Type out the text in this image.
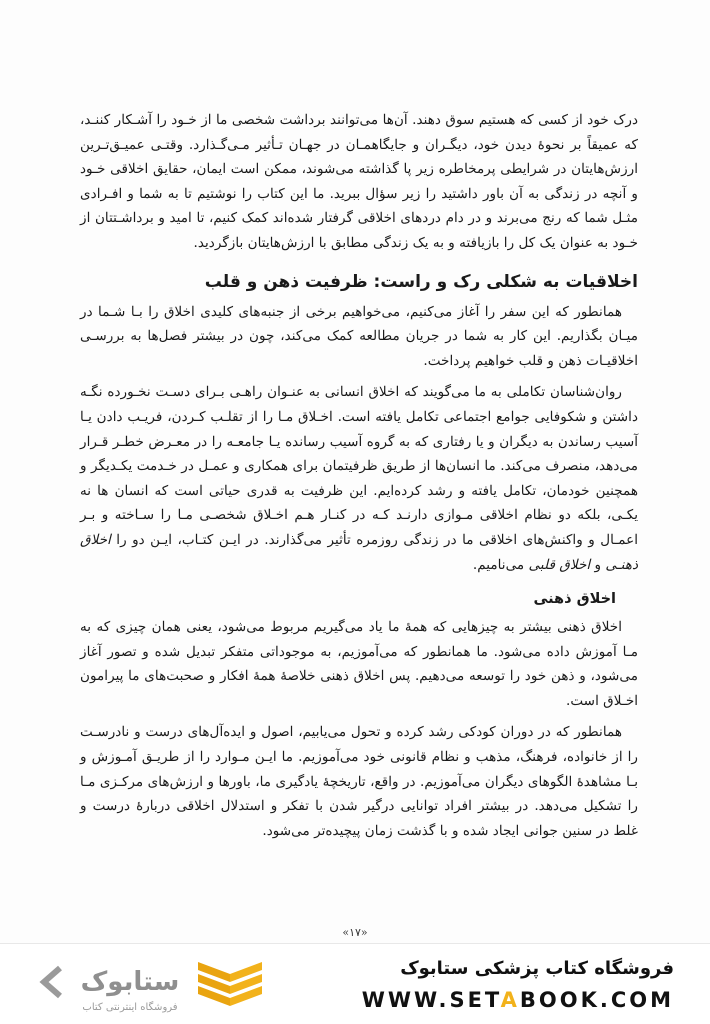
درک خود از کسی که هستیم سوق دهند. آن‌ها می‌توانند برداشت شخصی ما از خـود را آشـکار کننـد، که عمیقاً بر نحوهٔ دیدن خود، دیگـران و جایگاهمـان در جهـان تـأثیر مـی‌گـذارد. وقتـی عمیـق‌تـرین ارزش‌هایتان در شرایطی پرمخاطره زیر پا گذاشته می‌شوند، ممکن است ایمان، حقایق اخلاقی خـود و آنچه در زندگی به آن باور داشتید را زیر سؤال ببرید. ما این کتاب را نوشتیم تا به شما و افـرادی مثـل شما که رنج می‌برند و در دام دردهای اخلاقی گرفتار شده‌اند کمک کنیم، تا امید و برداشـتتان از خـود به عنوان یک کل را بازیافته و به یک زندگی مطابق با ارزش‌هایتان بازگردید.

اخلاقیات به شکلی رک و راست: ظرفیت ذهن و قلب

همانطور که این سفر را آغاز می‌کنیم، می‌خواهیم برخی از جنبه‌های کلیدی اخلاق را بـا شـما در میـان بگذاریم. این کار به شما در جریان مطالعه کمک می‌کند، چون در بیشتر فصل‌ها به بررسـی اخلاقیـات ذهن و قلب خواهیم پرداخت.

روان‌شناسان تکاملی به ما می‌گویند که اخلاق انسانی به عنـوان راهـی بـرای دسـت نخـورده نگـه داشتن و شکوفایی جوامع اجتماعی تکامل یافته است. اخـلاق مـا را از تقلـب کـردن، فریـب دادن یـا آسیب رساندن به دیگران و یا رفتاری که به گروه آسیب رسانده یـا جامعـه را در معـرض خطـر قـرار می‌دهد، منصرف می‌کند. ما انسان‌ها از طریق ظرفیتمان برای همکاری و عمـل در خـدمت یکـدیگر و همچنین خودمان، تکامل یافته و رشد کرده‌ایم. این ظرفیت به قدری حیاتی است که انسان ها نه یکـی، بلکه دو نظام اخلاقی مـوازی دارنـد کـه در کنـار هـم اخـلاق شخصـی مـا را سـاخته و بـر اعمـال و واکنش‌های اخلاقی ما در زندگی روزمره تأثیر می‌گذارند. در ایـن کتـاب، ایـن دو را اخلاق ذهنـی و اخلاق قلبی می‌نامیم.

اخلاق ذهنی

اخلاق ذهنی بیشتر به چیزهایی که همهٔ ما یاد می‌گیریم مربوط می‌شود، یعنی همان چیزی که به مـا آموزش داده می‌شود. ما همانطور که می‌آموزیم، به موجوداتی متفکر تبدیل شده و تصور آغاز می‌شود، و ذهن خود را توسعه می‌دهیم. پس اخلاق ذهنی خلاصهٔ همهٔ افکار و صحبت‌های ما پیرامون اخـلاق است.

همانطور که در دوران کودکی رشد کرده و تحول می‌یابیم، اصول و ایده‌آل‌های درست و نادرسـت را از خانواده، فرهنگ، مذهب و نظام قانونی خود می‌آموزیم. ما ایـن مـوارد را از طریـق آمـوزش و بـا مشاهدهٔ الگوهای دیگران می‌آموزیم. در واقع، تاریخچهٔ یادگیری ما، باورها و ارزش‌های مرکـزی مـا را تشکیل می‌دهد. در بیشتر افراد توانایی درگیر شدن با تفکر و استدلال اخلاقی دربارهٔ درست و غلط در سنین جوانی ایجاد شده و با گذشت زمان پیچیده‌تر می‌شود.

«۱۷»
ستابوک
فروشگاه اینترنتی کتاب
فروشگاه کتاب پزشکی ستابوک
WWW.SETABOOK.COM
